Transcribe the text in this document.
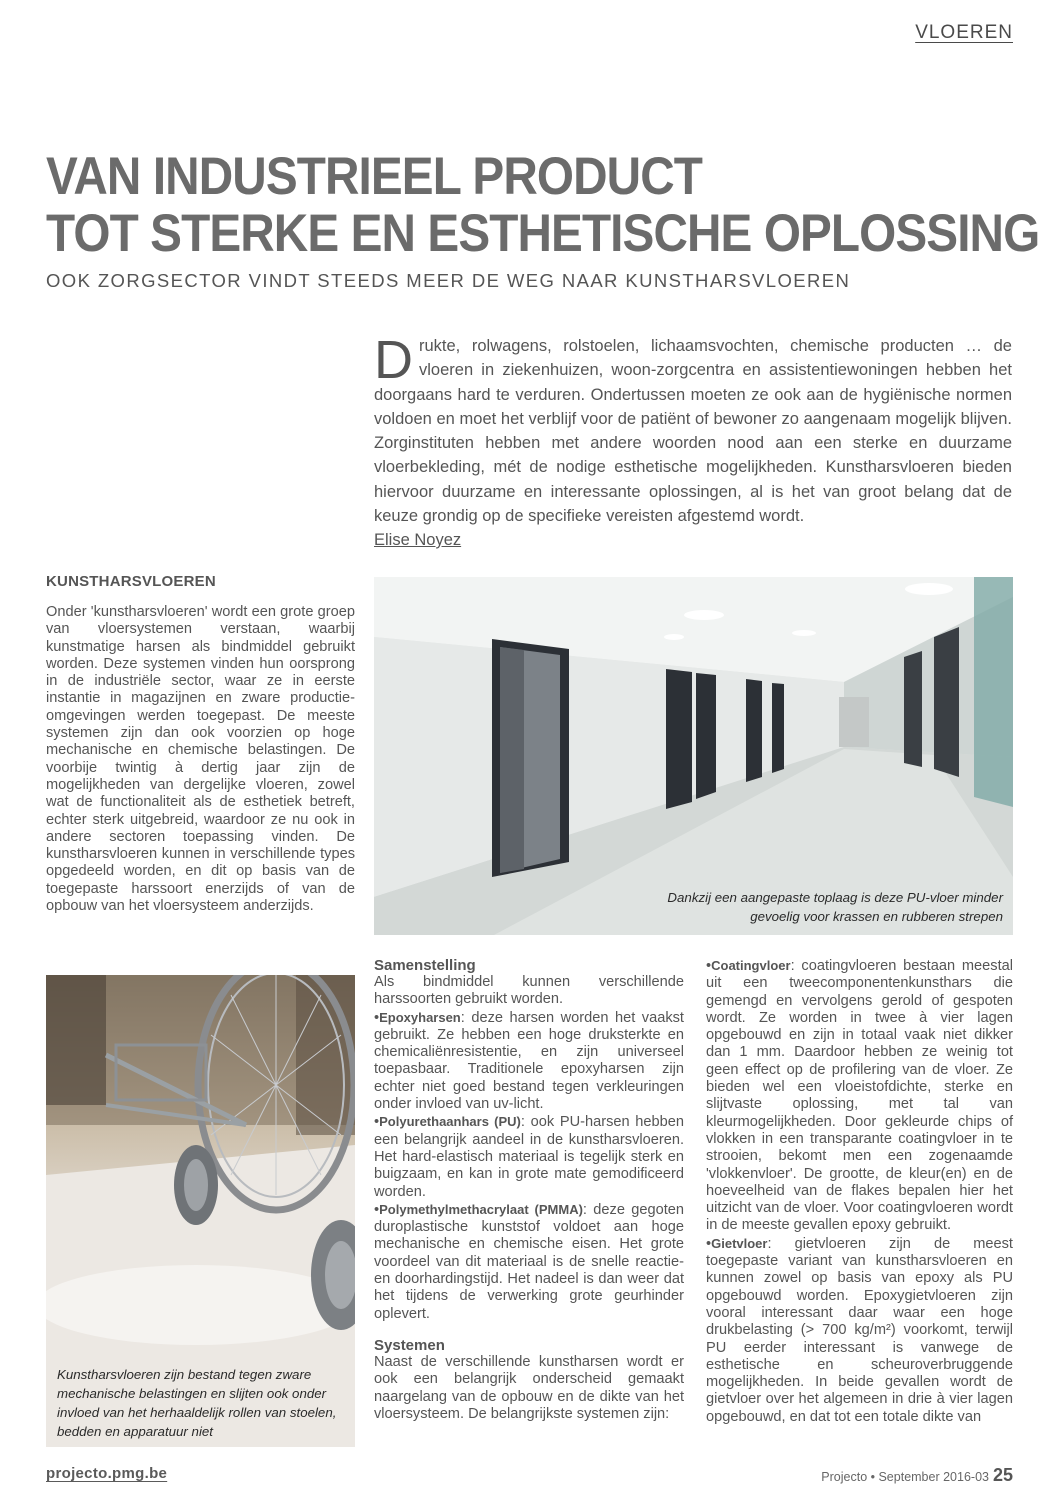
VLOEREN
VAN INDUSTRIEEL PRODUCT
TOT STERKE EN ESTHETISCHE OPLOSSING
OOK ZORGSECTOR VINDT STEEDS MEER DE WEG NAAR KUNSTHARSVLOEREN
Drukte, rolwagens, rolstoelen, lichaamsvochten, chemische producten … de vloeren in ziekenhuizen, woon-zorgcentra en assistentiewoningen hebben het doorgaans hard te verduren. Ondertussen moeten ze ook aan de hygiënische normen voldoen en moet het verblijf voor de patiënt of bewoner zo aangenaam mogelijk blijven. Zorginstituten hebben met andere woorden nood aan een sterke en duurzame vloerbekleding, mét de nodige esthetische mogelijkheden. Kunstharsvloeren bieden hiervoor duurzame en interessante oplossingen, al is het van groot belang dat de keuze grondig op de specifieke vereisten afgestemd wordt.
Elise Noyez
KUNSTHARSVLOEREN
Onder 'kunstharsvloeren' wordt een grote groep van vloersystemen verstaan, waarbij kunstmatige harsen als bindmiddel gebruikt worden. Deze systemen vinden hun oorsprong in de industriële sector, waar ze in eerste instantie in magazijnen en zware productie-omgevingen werden toegepast. De meeste systemen zijn dan ook voorzien op hoge mechanische en chemische belastingen. De voorbije twintig à dertig jaar zijn de mogelijkheden van dergelijke vloeren, zowel wat de functionaliteit als de esthetiek betreft, echter sterk uitgebreid, waardoor ze nu ook in andere sectoren toepassing vinden. De kunstharsvloeren kunnen in verschillende types opgedeeld worden, en dit op basis van de toegepaste harssoort enerzijds of van de opbouw van het vloersysteem anderzijds.
Dankzij een aangepaste toplaag is deze PU-vloer minder gevoelig voor krassen en rubberen strepen
Kunstharsvloeren zijn bestand tegen zware mechanische belastingen en slijten ook onder invloed van het herhaaldelijk rollen van stoelen, bedden en apparatuur niet
Samenstelling
Als bindmiddel kunnen verschillende harssoorten gebruikt worden.
•Epoxyharsen: deze harsen worden het vaakst gebruikt. Ze hebben een hoge druksterkte en chemicaliënresistentie, en zijn universeel toepasbaar. Traditionele epoxyharsen zijn echter niet goed bestand tegen verkleuringen onder invloed van uv-licht.
•Polyurethaanhars (PU): ook PU-harsen hebben een belangrijk aandeel in de kunstharsvloeren. Het hard-elastisch materiaal is tegelijk sterk en buigzaam, en kan in grote mate gemodificeerd worden.
•Polymethylmethacrylaat (PMMA): deze gegoten duroplastische kunststof voldoet aan hoge mechanische en chemische eisen. Het grote voordeel van dit materiaal is de snelle reactie- en doorhardingstijd. Het nadeel is dan weer dat het tijdens de verwerking grote geurhinder oplevert.
Systemen
Naast de verschillende kunstharsen wordt er ook een belangrijk onderscheid gemaakt naargelang van de opbouw en de dikte van het vloersysteem. De belangrijkste systemen zijn:
•Coatingvloer: coatingvloeren bestaan meestal uit een tweecomponentenkunsthars die gemengd en vervolgens gerold of gespoten wordt. Ze worden in twee à vier lagen opgebouwd en zijn in totaal vaak niet dikker dan 1 mm. Daardoor hebben ze weinig tot geen effect op de profilering van de vloer. Ze bieden wel een vloeistofdichte, sterke en slijtvaste oplossing, met tal van kleurmogelijkheden. Door gekleurde chips of vlokken in een transparante coatingvloer in te strooien, bekomt men een zogenaamde 'vlokkenvloer'. De grootte, de kleur(en) en de hoeveelheid van de flakes bepalen hier het uitzicht van de vloer. Voor coatingvloeren wordt in de meeste gevallen epoxy gebruikt.
•Gietvloer: gietvloeren zijn de meest toegepaste variant van kunstharsvloeren en kunnen zowel op basis van epoxy als PU opgebouwd worden. Epoxygietvloeren zijn vooral interessant daar waar een hoge drukbelasting (> 700 kg/m²) voorkomt, terwijl PU eerder interessant is vanwege de esthetische en scheuroverbruggende mogelijkheden. In beide gevallen wordt de gietvloer over het algemeen in drie à vier lagen opgebouwd, en dat tot een totale dikte van
projecto.pmg.be	Projecto • September 2016-03 25
